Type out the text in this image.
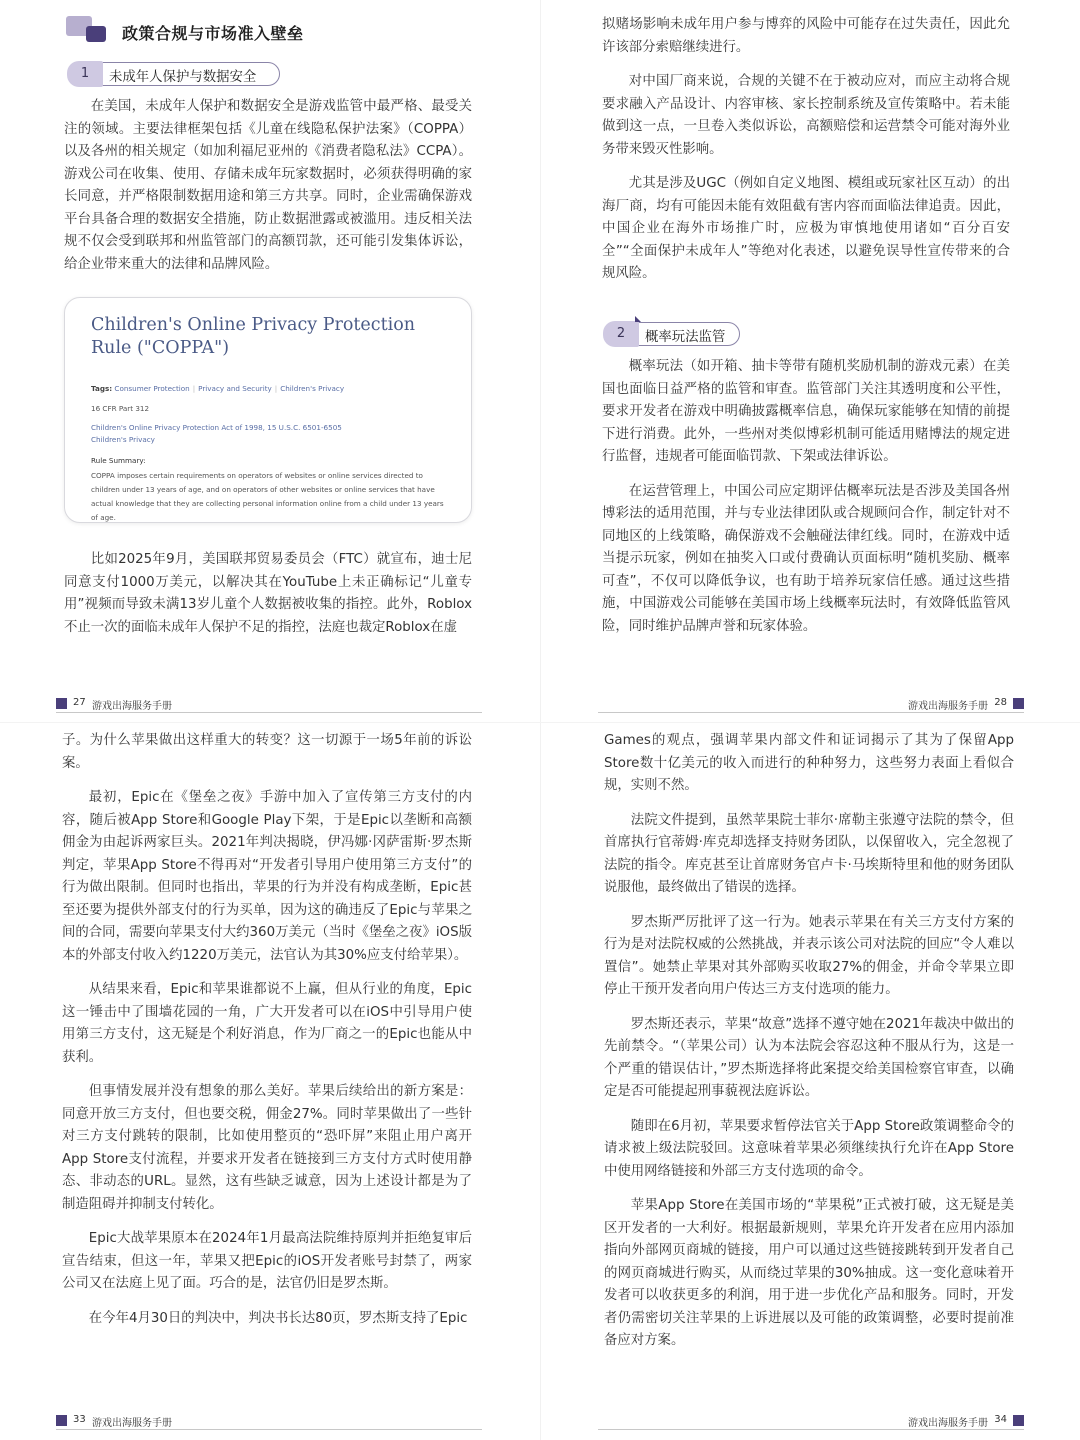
政策合规与市场准入壁垒
1	未成年人保护与数据安全

在美国，未成年人保护和数据安全是游戏监管中最严格、最受关注的领域。主要法律框架包括《儿童在线隐私保护法案》（COPPA）以及各州的相关规定（如加利福尼亚州的《消费者隐私法》CCPA）。游戏公司在收集、使用、存储未成年玩家数据时，必须获得明确的家长同意，并严格限制数据用途和第三方共享。同时，企业需确保游戏平台具备合理的数据安全措施，防止数据泄露或被滥用。违反相关法规不仅会受到联邦和州监管部门的高额罚款，还可能引发集体诉讼，给企业带来重大的法律和品牌风险。

Children's Online Privacy Protection Rule ("COPPA")
Tags: Consumer Protection | Privacy and Security | Children's Privacy
16 CFR Part 312
Children's Online Privacy Protection Act of 1998, 15 U.S.C. 6501-6505
Children's Privacy
Rule Summary:
COPPA imposes certain requirements on operators of websites or online services directed to children under 13 years of age, and on operators of other websites or online services that have actual knowledge that they are collecting personal information online from a child under 13 years of age.

比如2025年9月，美国联邦贸易委员会（FTC）就宣布，迪士尼同意支付1000万美元，以解决其在YouTube上未正确标记“儿童专用”视频而导致未满13岁儿童个人数据被收集的指控。此外，Roblox不止一次的面临未成年人保护不足的指控，法庭也裁定Roblox在虚

27 游戏出海服务手册

拟赌场影响未成年用户参与博弈的风险中可能存在过失责任，因此允许该部分索赔继续进行。

对中国厂商来说，合规的关键不在于被动应对，而应主动将合规要求融入产品设计、内容审核、家长控制系统及宣传策略中。若未能做到这一点，一旦卷入类似诉讼，高额赔偿和运营禁令可能对海外业务带来毁灭性影响。

尤其是涉及UGC（例如自定义地图、模组或玩家社区互动）的出海厂商，均有可能因未能有效阻截有害内容而面临法律追责。因此，中国企业在海外市场推广时，应极为审慎地使用诸如“百分百安全”“全面保护未成年人”等绝对化表述，以避免误导性宣传带来的合规风险。

2	概率玩法监管

概率玩法（如开箱、抽卡等带有随机奖励机制的游戏元素）在美国也面临日益严格的监管和审查。监管部门关注其透明度和公平性，要求开发者在游戏中明确披露概率信息，确保玩家能够在知情的前提下进行消费。此外，一些州对类似博彩机制可能适用赌博法的规定进行监督，违规者可能面临罚款、下架或法律诉讼。

在运营管理上，中国公司应定期评估概率玩法是否涉及美国各州博彩法的适用范围，并与专业法律团队或合规顾问合作，制定针对不同地区的上线策略，确保游戏不会触碰法律红线。同时，在游戏中适当提示玩家，例如在抽奖入口或付费确认页面标明“随机奖励、概率可查”，不仅可以降低争议，也有助于培养玩家信任感。通过这些措施，中国游戏公司能够在美国市场上线概率玩法时，有效降低监管风险，同时维护品牌声誉和玩家体验。

游戏出海服务手册 28

子。为什么苹果做出这样重大的转变？这一切源于一场5年前的诉讼案。

最初，Epic在《堡垒之夜》手游中加入了宣传第三方支付的内容，随后被App Store和Google Play下架，于是Epic以垄断和高额佣金为由起诉两家巨头。2021年判决揭晓，伊冯娜·冈萨雷斯·罗杰斯判定，苹果App Store不得再对“开发者引导用户使用第三方支付”的行为做出限制。但同时也指出，苹果的行为并没有构成垄断，Epic甚至还要为提供外部支付的行为买单，因为这的确违反了Epic与苹果之间的合同，需要向苹果支付大约360万美元（当时《堡垒之夜》iOS版本的外部支付收入约1220万美元，法官认为其30%应支付给苹果）。

从结果来看，Epic和苹果谁都说不上赢，但从行业的角度，Epic这一锤击中了围墙花园的一角，广大开发者可以在iOS中引导用户使用第三方支付，这无疑是个利好消息，作为厂商之一的Epic也能从中获利。

但事情发展并没有想象的那么美好。苹果后续给出的新方案是：同意开放三方支付，但也要交税，佣金27%。同时苹果做出了一些针对三方支付跳转的限制，比如使用整页的“恐吓屏”来阻止用户离开App Store支付流程，并要求开发者在链接到三方支付方式时使用静态、非动态的URL。显然，这有些缺乏诚意，因为上述设计都是为了制造阻碍并抑制支付转化。

Epic大战苹果原本在2024年1月最高法院维持原判并拒绝复审后宣告结束，但这一年，苹果又把Epic的iOS开发者账号封禁了，两家公司又在法庭上见了面。巧合的是，法官仍旧是罗杰斯。

在今年4月30日的判决中，判决书长达80页，罗杰斯支持了Epic

33 游戏出海服务手册

Games的观点，强调苹果内部文件和证词揭示了其为了保留App Store数十亿美元的收入而进行的种种努力，这些努力表面上看似合规，实则不然。

法院文件提到，虽然苹果院士菲尔·席勒主张遵守法院的禁令，但首席执行官蒂姆·库克却选择支持财务团队，以保留收入，完全忽视了法院的指令。库克甚至让首席财务官卢卡·马埃斯特里和他的财务团队说服他，最终做出了错误的选择。

罗杰斯严厉批评了这一行为。她表示苹果在有关三方支付方案的行为是对法院权威的公然挑战，并表示该公司对法院的回应“令人难以置信”。她禁止苹果对其外部购买收取27%的佣金，并命令苹果立即停止干预开发者向用户传达三方支付选项的能力。

罗杰斯还表示，苹果“故意”选择不遵守她在2021年裁决中做出的先前禁令。“（苹果公司）认为本法院会容忍这种不服从行为，这是一个严重的错误估计，”罗杰斯选择将此案提交给美国检察官审查，以确定是否可能提起刑事藐视法庭诉讼。

随即在6月初，苹果要求暂停法官关于App Store政策调整命令的请求被上级法院驳回。这意味着苹果必须继续执行允许在App Store中使用网络链接和外部三方支付选项的命令。

苹果App Store在美国市场的“苹果税”正式被打破，这无疑是美区开发者的一大利好。根据最新规则，苹果允许开发者在应用内添加指向外部网页商城的链接，用户可以通过这些链接跳转到开发者自己的网页商城进行购买，从而绕过苹果的30%抽成。这一变化意味着开发者可以收获更多的利润，用于进一步优化产品和服务。同时，开发者仍需密切关注苹果的上诉进展以及可能的政策调整，必要时提前准备应对方案。

游戏出海服务手册 34
